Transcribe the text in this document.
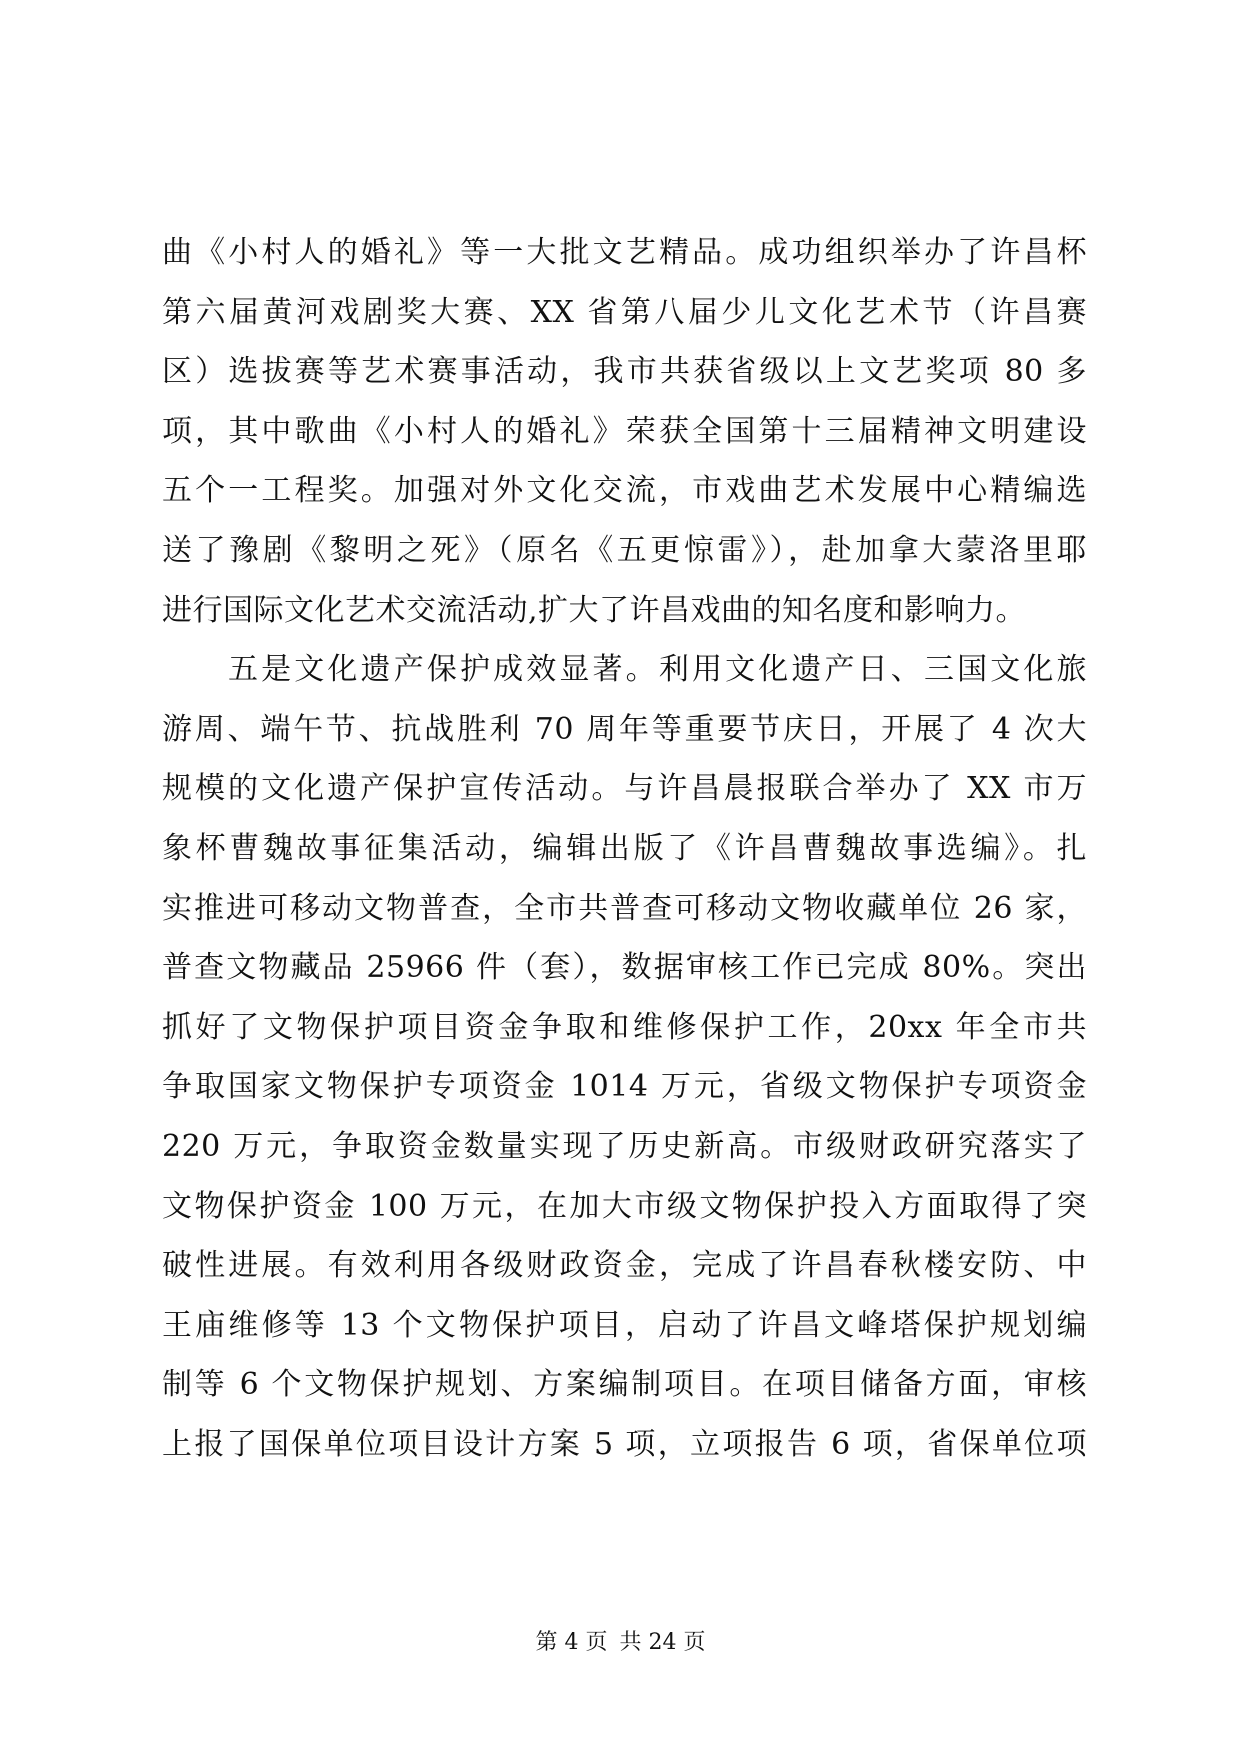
曲《小村人的婚礼》等一大批文艺精品。成功组织举办了许昌杯
第六届黄河戏剧奖大赛、XX 省第八届少儿文化艺术节（许昌赛
区）选拔赛等艺术赛事活动，我市共获省级以上文艺奖项 80 多
项，其中歌曲《小村人的婚礼》荣获全国第十三届精神文明建设
五个一工程奖。加强对外文化交流，市戏曲艺术发展中心精编选
送了豫剧《黎明之死》（原名《五更惊雷》），赴加拿大蒙洛里耶
进行国际文化艺术交流活动,扩大了许昌戏曲的知名度和影响力。
五是文化遗产保护成效显著。利用文化遗产日、三国文化旅
游周、端午节、抗战胜利 70 周年等重要节庆日，开展了 4 次大
规模的文化遗产保护宣传活动。与许昌晨报联合举办了 XX 市万
象杯曹魏故事征集活动，编辑出版了《许昌曹魏故事选编》。扎
实推进可移动文物普查，全市共普查可移动文物收藏单位 26 家，
普查文物藏品 25966 件（套），数据审核工作已完成 80%。突出
抓好了文物保护项目资金争取和维修保护工作，20xx 年全市共
争取国家文物保护专项资金 1014 万元，省级文物保护专项资金
220 万元，争取资金数量实现了历史新高。市级财政研究落实了
文物保护资金 100 万元，在加大市级文物保护投入方面取得了突
破性进展。有效利用各级财政资金，完成了许昌春秋楼安防、中
王庙维修等 13 个文物保护项目，启动了许昌文峰塔保护规划编
制等 6 个文物保护规划、方案编制项目。在项目储备方面，审核
上报了国保单位项目设计方案 5 项，立项报告 6 项，省保单位项
第 4 页 共 24 页
